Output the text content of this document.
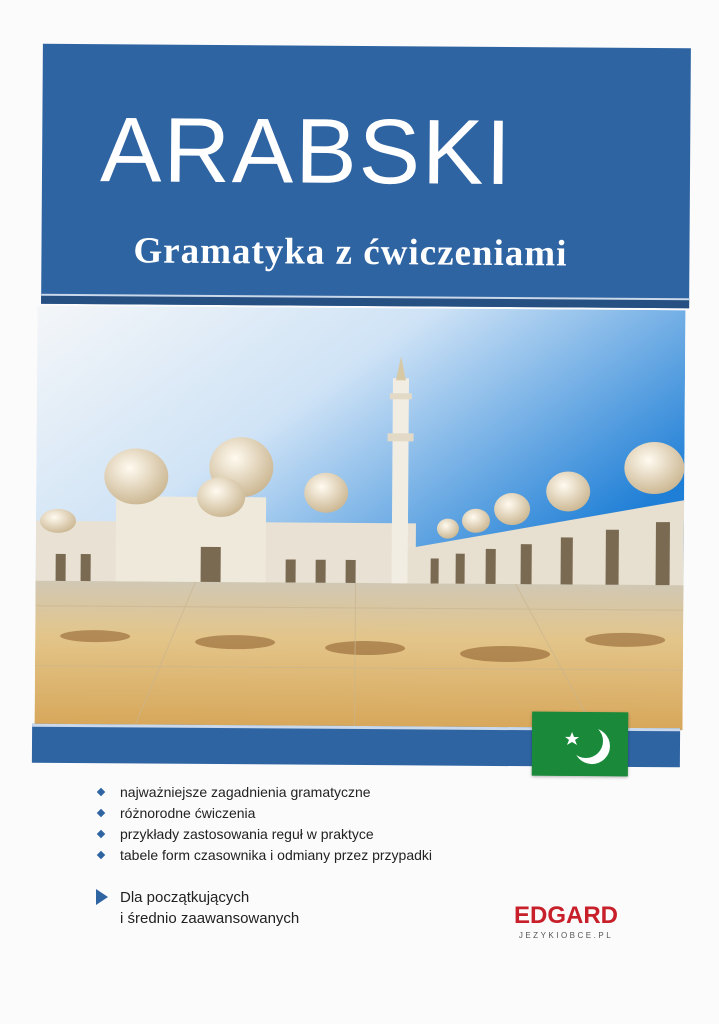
ARABSKI
Gramatyka z ćwiczeniami
najważniejsze zagadnienia gramatyczne
różnorodne ćwiczenia
przykłady zastosowania reguł w praktyce
tabele form czasownika i odmiany przez przypadki
Dla początkujących
i średnio zaawansowanych	EDGARD
JEZYKIOBCE.PL
